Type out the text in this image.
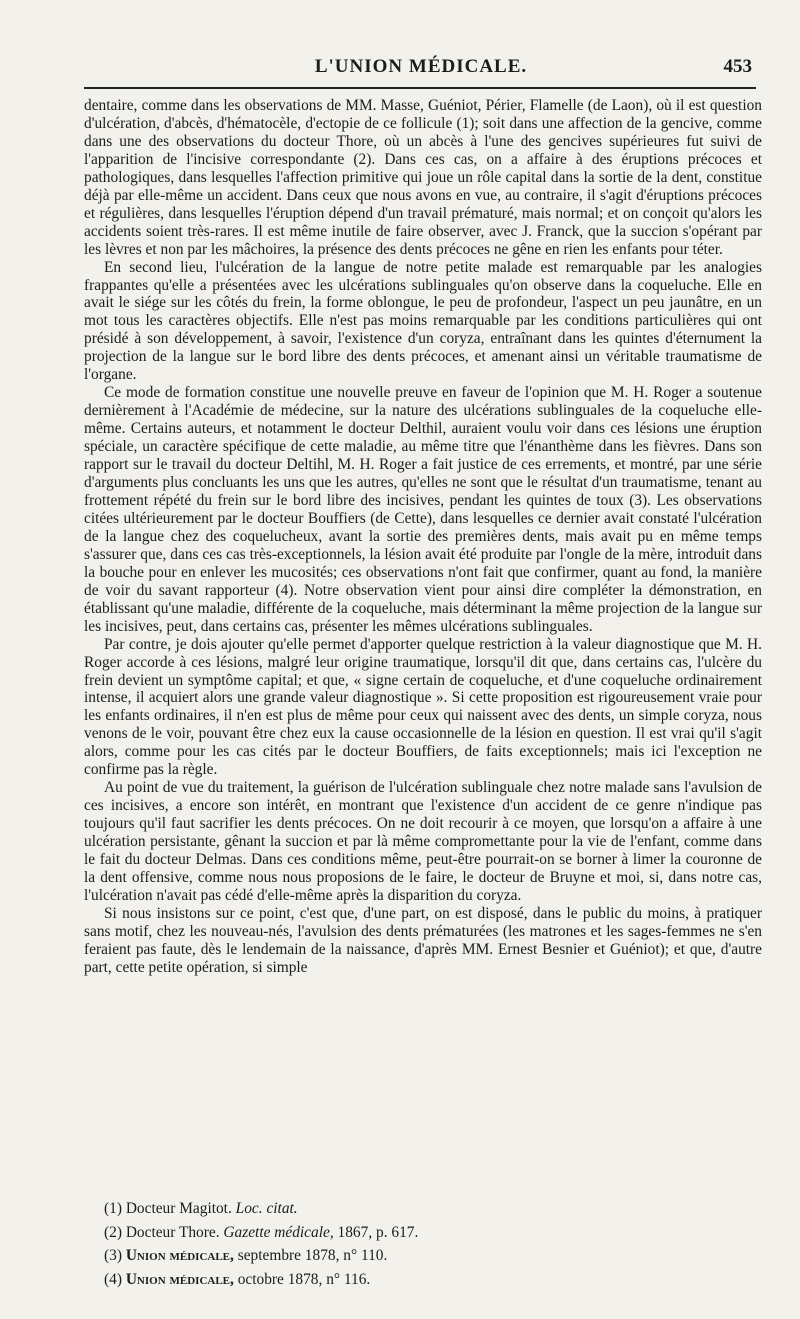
L'UNION MÉDICALE.	453

dentaire, comme dans les observations de MM. Masse, Guéniot, Périer, Flamelle (de Laon), où il est question d'ulcération, d'abcès, d'hématocèle, d'ectopie de ce follicule (1); soit dans une affection de la gencive, comme dans une des observations du docteur Thore, où un abcès à l'une des gencives supérieures fut suivi de l'apparition de l'incisive correspondante (2). Dans ces cas, on a affaire à des éruptions précoces et pathologiques, dans lesquelles l'affection primitive qui joue un rôle capital dans la sortie de la dent, constitue déjà par elle-même un accident. Dans ceux que nous avons en vue, au contraire, il s'agit d'éruptions précoces et régulières, dans lesquelles l'éruption dépend d'un travail prématuré, mais normal; et on conçoit qu'alors les accidents soient très-rares. Il est même inutile de faire observer, avec J. Franck, que la succion s'opérant par les lèvres et non par les mâchoires, la présence des dents précoces ne gêne en rien les enfants pour téter.

En second lieu, l'ulcération de la langue de notre petite malade est remarquable par les analogies frappantes qu'elle a présentées avec les ulcérations sublinguales qu'on observe dans la coqueluche. Elle en avait le siége sur les côtés du frein, la forme oblongue, le peu de profondeur, l'aspect un peu jaunâtre, en un mot tous les caractères objectifs. Elle n'est pas moins remarquable par les conditions particulières qui ont présidé à son développement, à savoir, l'existence d'un coryza, entraînant dans les quintes d'éternument la projection de la langue sur le bord libre des dents précoces, et amenant ainsi un véritable traumatisme de l'organe.

Ce mode de formation constitue une nouvelle preuve en faveur de l'opinion que M. H. Roger a soutenue dernièrement à l'Académie de médecine, sur la nature des ulcérations sublinguales de la coqueluche elle-même. Certains auteurs, et notamment le docteur Delthil, auraient voulu voir dans ces lésions une éruption spéciale, un caractère spécifique de cette maladie, au même titre que l'énanthème dans les fièvres. Dans son rapport sur le travail du docteur Deltihl, M. H. Roger a fait justice de ces errements, et montré, par une série d'arguments plus concluants les uns que les autres, qu'elles ne sont que le résultat d'un traumatisme, tenant au frottement répété du frein sur le bord libre des incisives, pendant les quintes de toux (3). Les observations citées ultérieurement par le docteur Bouffiers (de Cette), dans lesquelles ce dernier avait constaté l'ulcération de la langue chez des coquelucheux, avant la sortie des premières dents, mais avait pu en même temps s'assurer que, dans ces cas très-exceptionnels, la lésion avait été produite par l'ongle de la mère, introduit dans la bouche pour en enlever les mucosités; ces observations n'ont fait que confirmer, quant au fond, la manière de voir du savant rapporteur (4). Notre observation vient pour ainsi dire compléter la démonstration, en établissant qu'une maladie, différente de la coqueluche, mais déterminant la même projection de la langue sur les incisives, peut, dans certains cas, présenter les mêmes ulcérations sublinguales.

Par contre, je dois ajouter qu'elle permet d'apporter quelque restriction à la valeur diagnostique que M. H. Roger accorde à ces lésions, malgré leur origine traumatique, lorsqu'il dit que, dans certains cas, l'ulcère du frein devient un symptôme capital; et que, « signe certain de coqueluche, et d'une coqueluche ordinairement intense, il acquiert alors une grande valeur diagnostique ». Si cette proposition est rigoureusement vraie pour les enfants ordinaires, il n'en est plus de même pour ceux qui naissent avec des dents, un simple coryza, nous venons de le voir, pouvant être chez eux la cause occasionnelle de la lésion en question. Il est vrai qu'il s'agit alors, comme pour les cas cités par le docteur Bouffiers, de faits exceptionnels; mais ici l'exception ne confirme pas la règle.

Au point de vue du traitement, la guérison de l'ulcération sublinguale chez notre malade sans l'avulsion de ces incisives, a encore son intérêt, en montrant que l'existence d'un accident de ce genre n'indique pas toujours qu'il faut sacrifier les dents précoces. On ne doit recourir à ce moyen, que lorsqu'on a affaire à une ulcération persistante, gênant la succion et par là même compromettante pour la vie de l'enfant, comme dans le fait du docteur Delmas. Dans ces conditions même, peut-être pourrait-on se borner à limer la couronne de la dent offensive, comme nous nous proposions de le faire, le docteur de Bruyne et moi, si, dans notre cas, l'ulcération n'avait pas cédé d'elle-même après la disparition du coryza.

Si nous insistons sur ce point, c'est que, d'une part, on est disposé, dans le public du moins, à pratiquer sans motif, chez les nouveau-nés, l'avulsion des dents prématurées (les matrones et les sages-femmes ne s'en feraient pas faute, dès le lendemain de la naissance, d'après MM. Ernest Besnier et Guéniot); et que, d'autre part, cette petite opération, si simple

(1) Docteur Magitot. Loc. citat.
(2) Docteur Thore. Gazette médicale, 1867, p. 617.
(3) Union médicale, septembre 1878, n° 110.
(4) Union médicale, octobre 1878, n° 116.
